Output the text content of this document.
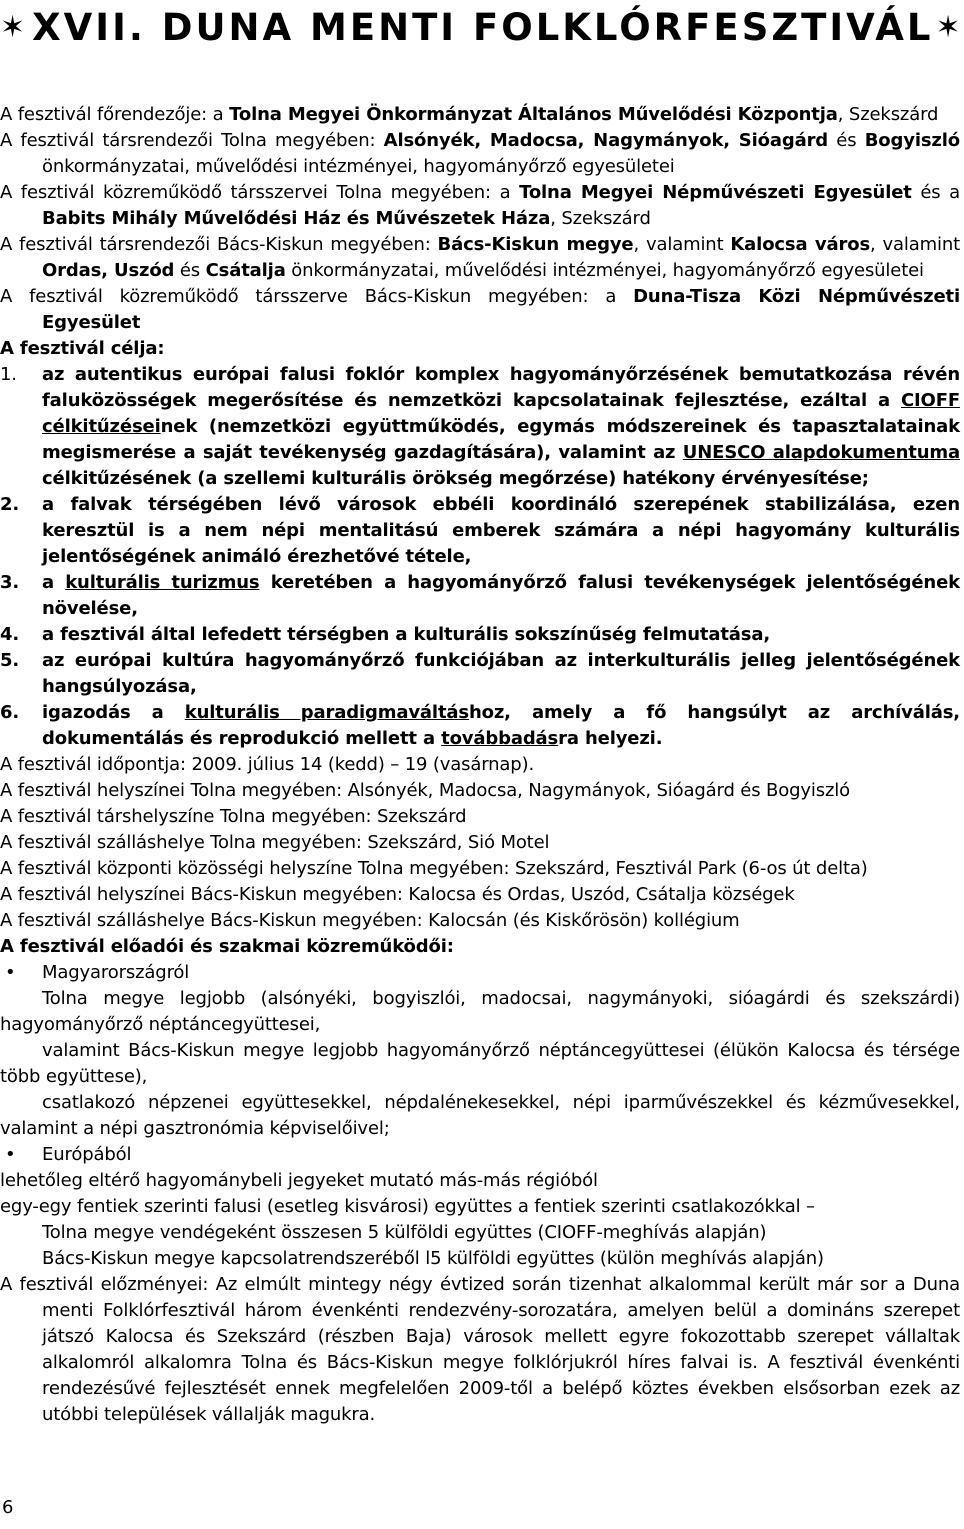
✶ XVII. DUNA MENTI FOLKLÓRFESZTIVÁL✶

A fesztivál főrendezője: a Tolna Megyei Önkormányzat Általános Művelődési Központja, Szekszárd

A fesztivál társrendezői Tolna megyében: Alsónyék, Madocsa, Nagymányok, Sióagárd és Bogyiszló önkormányzatai, művelődési intézményei, hagyományőrző egyesületei

A fesztivál közreműködő társszervei Tolna megyében: a Tolna Megyei Népművészeti Egyesület és a Babits Mihály Művelődési Ház és Művészetek Háza, Szekszárd

A fesztivál társrendezői Bács-Kiskun megyében: Bács-Kiskun megye, valamint Kalocsa város, valamint Ordas, Uszód és Csátalja önkormányzatai, művelődési intézményei, hagyományőrző egyesületei

A fesztivál közreműködő társszerve Bács-Kiskun megyében: a Duna-Tisza Közi Népművészeti Egyesület

A fesztivál célja:

1. az autentikus európai falusi foklór komplex hagyományőrzésének bemutatkozása révén faluközösségek megerősítése és nemzetközi kapcsolatainak fejlesztése, ezáltal a CIOFF célkitűzéseinek (nemzetközi együttműködés, egymás módszereinek és tapasztalatainak megismerése a saját tevékenység gazdagítására), valamint az UNESCO alapdokumentuma célkitűzésének (a szellemi kulturális örökség megőrzése) hatékony érvényesítése;
2. a falvak térségében lévő városok ebbéli koordináló szerepének stabilizálása, ezen keresztül is a nem népi mentalitású emberek számára a népi hagyomány kulturális jelentőségének animáló érezhetővé tétele,
3. a kulturális turizmus keretében a hagyományőrző falusi tevékenységek jelentőségének növelése,
4. a fesztivál által lefedett térségben a kulturális sokszínűség felmutatása,
5. az európai kultúra hagyományőrző funkciójában az interkulturális jelleg jelentőségének hangsúlyozása,
6. igazodás a kulturális paradigmaváltáshoz, amely a fő hangsúlyt az archíválás, dokumentálás és reprodukció mellett a továbbadásra helyezi.

A fesztivál időpontja: 2009. július 14 (kedd) – 19 (vasárnap).

A fesztivál helyszínei Tolna megyében: Alsónyék, Madocsa, Nagymányok, Sióagárd és Bogyiszló

A fesztivál társhelyszíne Tolna megyében: Szekszárd

A fesztivál szálláshelye Tolna megyében: Szekszárd, Sió Motel

A fesztivál központi közösségi helyszíne Tolna megyében: Szekszárd, Fesztivál Park (6-os út delta)

A fesztivál helyszínei Bács-Kiskun megyében: Kalocsa és Ordas, Uszód, Csátalja községek

A fesztivál szálláshelye Bács-Kiskun megyében: Kalocsán (és Kiskőrösön) kollégium

A fesztivál előadói és szakmai közreműködői:

• Magyarországról

Tolna megye legjobb (alsónyéki, bogyiszlói, madocsai, nagymányoki, sióagárdi és szekszárdi) hagyományőrző néptáncegyüttesei,

valamint Bács-Kiskun megye legjobb hagyományőrző néptáncegyüttesei (élükön Kalocsa és térsége több együttese),

csatlakozó népzenei együttesekkel, népdalénekesekkel, népi iparművészekkel és kézművesekkel, valamint a népi gasztronómia képviselőivel;

• Európából

lehetőleg eltérő hagyománybeli jegyeket mutató más-más régióból

egy-egy fentiek szerinti falusi (esetleg kisvárosi) együttes a fentiek szerinti csatlakozókkal –

Tolna megye vendégeként összesen 5 külföldi együttes (CIOFF-meghívás alapján)

Bács-Kiskun megye kapcsolatrendszeréből l5 külföldi együttes (külön meghívás alapján)

A fesztivál előzményei: Az elmúlt mintegy négy évtized során tizenhat alkalommal került már sor a Duna menti Folklórfesztivál három évenkénti rendezvény-sorozatára, amelyen belül a domináns szerepet játszó Kalocsa és Szekszárd (részben Baja) városok mellett egyre fokozottabb szerepet vállaltak alkalomról alkalomra Tolna és Bács-Kiskun megye folklórjukról híres falvai is. A fesztivál évenkénti rendezésűvé fejlesztését ennek megfelelően 2009-től a belépő köztes években elsősorban ezek az utóbbi települések vállalják magukra.

6
